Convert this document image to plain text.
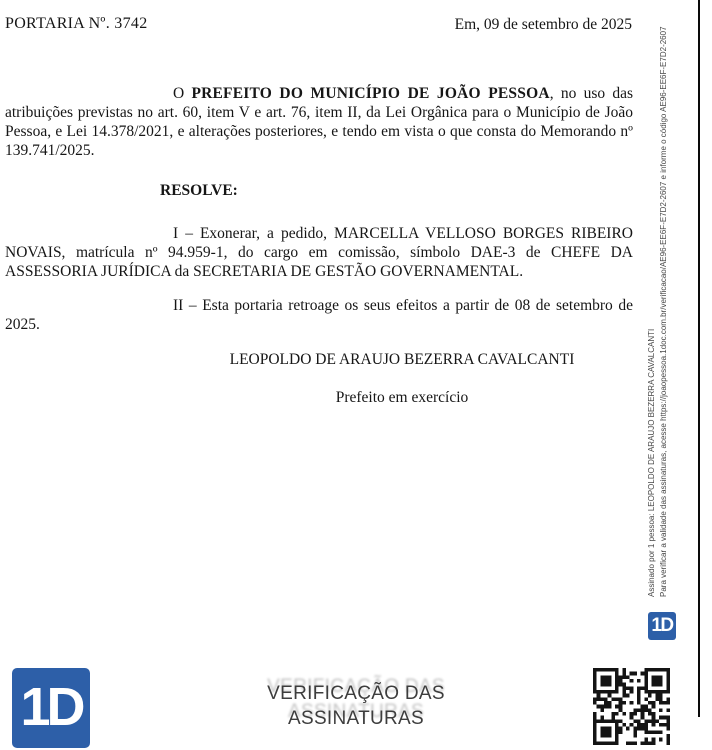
PORTARIA Nº. 3742	Em, 09 de setembro de 2025
O PREFEITO DO MUNICÍPIO DE JOÃO PESSOA, no uso das atribuições previstas no art. 60, item V e art. 76, item II, da Lei Orgânica para o Município de João Pessoa, e Lei 14.378/2021, e alterações posteriores, e tendo em vista o que consta do Memorando nº 139.741/2025.
RESOLVE:
I – Exonerar, a pedido, MARCELLA VELLOSO BORGES RIBEIRO NOVAIS, matrícula nº 94.959-1, do cargo em comissão, símbolo DAE-3 de CHEFE DA ASSESSORIA JURÍDICA da SECRETARIA DE GESTÃO GOVERNAMENTAL.
II – Esta portaria retroage os seus efeitos a partir de 08 de setembro de 2025.
LEOPOLDO DE ARAUJO BEZERRA CAVALCANTI
Prefeito em exercício	Assinado por 1 pessoa: LEOPOLDO DE ARAUJO BEZERRA CAVALCANTI Para verificar a validade das assinaturas, acesse https://joaopessoa.1doc.com.br/verificacao/AE96-EE6F-E7D2-2607 e informe o código AE96-EE6F-E7D2-2607
1D
1D	VERIFICAÇÃO DAS
ASSINATURAS
